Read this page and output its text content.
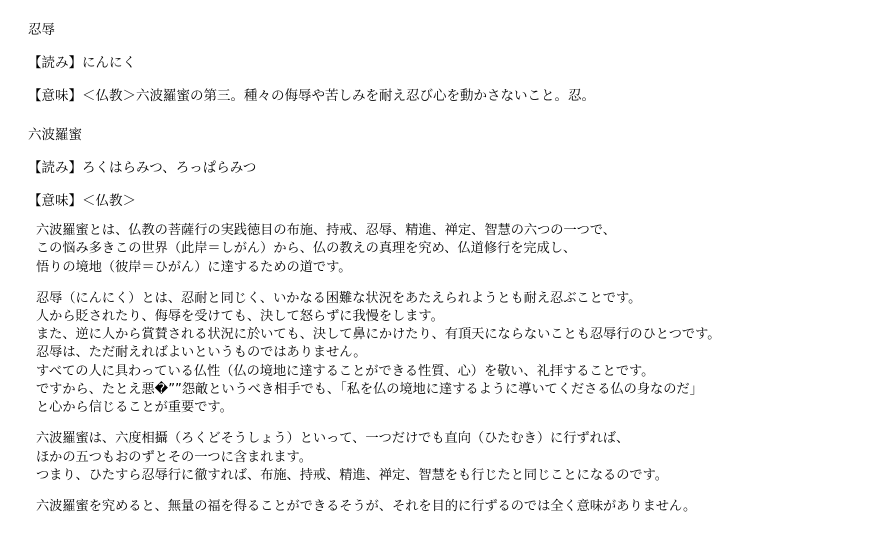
忍辱
【読み】にんにく
【意味】＜仏教＞六波羅蜜の第三。種々の侮辱や苦しみを耐え忍び心を動かさないこと。忍。
六波羅蜜
【読み】ろくはらみつ、ろっぱらみつ
【意味】＜仏教＞
六波羅蜜とは、仏教の菩薩行の実践徳目の布施、持戒、忍辱、精進、禅定、智慧の六つの一つで、
この悩み多きこの世界（此岸＝しがん）から、仏の教えの真理を究め、仏道修行を完成し、
悟りの境地（彼岸＝ひがん）に達するための道です。
忍辱（にんにく）とは、忍耐と同じく、いかなる困難な状況をあたえられようとも耐え忍ぶことです。
人から貶されたり、侮辱を受けても、決して怒らずに我慢をします。
また、逆に人から賞賛される状況に於いても、決して鼻にかけたり、有頂天にならないことも忍辱行のひとつです。
忍辱は、ただ耐えればよいというものではありません。
すべての人に具わっている仏性（仏の境地に達することができる性質、心）を敬い、礼拝することです。
ですから、たとえ悪�””怨敵というべき相手でも、「私を仏の境地に達するように導いてくださる仏の身なのだ」
と心から信じることが重要です。
六波羅蜜は、六度相攝（ろくどそうしょう）といって、一つだけでも直向（ひたむき）に行ずれば、
ほかの五つもおのずとその一つに含まれます。
つまり、ひたすら忍辱行に徹すれば、布施、持戒、精進、禅定、智慧をも行じたと同じことになるのです。
六波羅蜜を究めると、無量の福を得ることができるそうが、それを目的に行ずるのでは全く意味がありません。
